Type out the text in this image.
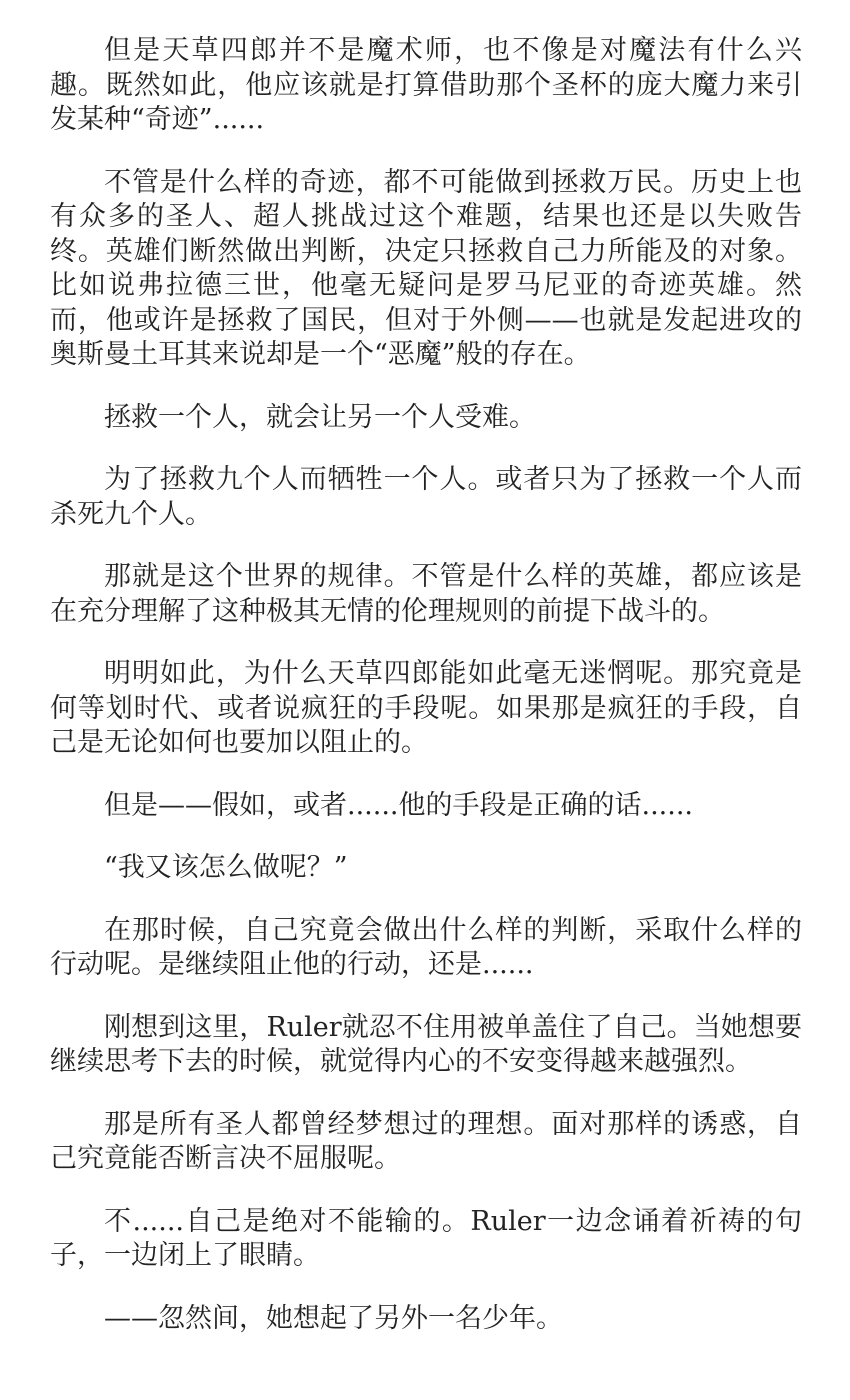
但是天草四郎并不是魔术师，也不像是对魔法有什么兴趣。既然如此，他应该就是打算借助那个圣杯的庞大魔力来引发某种“奇迹”......

不管是什么样的奇迹，都不可能做到拯救万民。历史上也有众多的圣人、超人挑战过这个难题，结果也还是以失败告终。英雄们断然做出判断，决定只拯救自己力所能及的对象。比如说弗拉德三世，他毫无疑问是罗马尼亚的奇迹英雄。然而，他或许是拯救了国民，但对于外侧——也就是发起进攻的奥斯曼土耳其来说却是一个“恶魔”般的存在。

拯救一个人，就会让另一个人受难。

为了拯救九个人而牺牲一个人。或者只为了拯救一个人而杀死九个人。

那就是这个世界的规律。不管是什么样的英雄，都应该是在充分理解了这种极其无情的伦理规则的前提下战斗的。

明明如此，为什么天草四郎能如此毫无迷惘呢。那究竟是何等划时代、或者说疯狂的手段呢。如果那是疯狂的手段，自己是无论如何也要加以阻止的。

但是——假如，或者......他的手段是正确的话......

“我又该怎么做呢？”

在那时候，自己究竟会做出什么样的判断，采取什么样的行动呢。是继续阻止他的行动，还是......

刚想到这里，Ruler就忍不住用被单盖住了自己。当她想要继续思考下去的时候，就觉得内心的不安变得越来越强烈。

那是所有圣人都曾经梦想过的理想。面对那样的诱惑，自己究竟能否断言决不屈服呢。

不......自己是绝对不能输的。Ruler一边念诵着祈祷的句子，一边闭上了眼睛。

——忽然间，她想起了另外一名少年。
